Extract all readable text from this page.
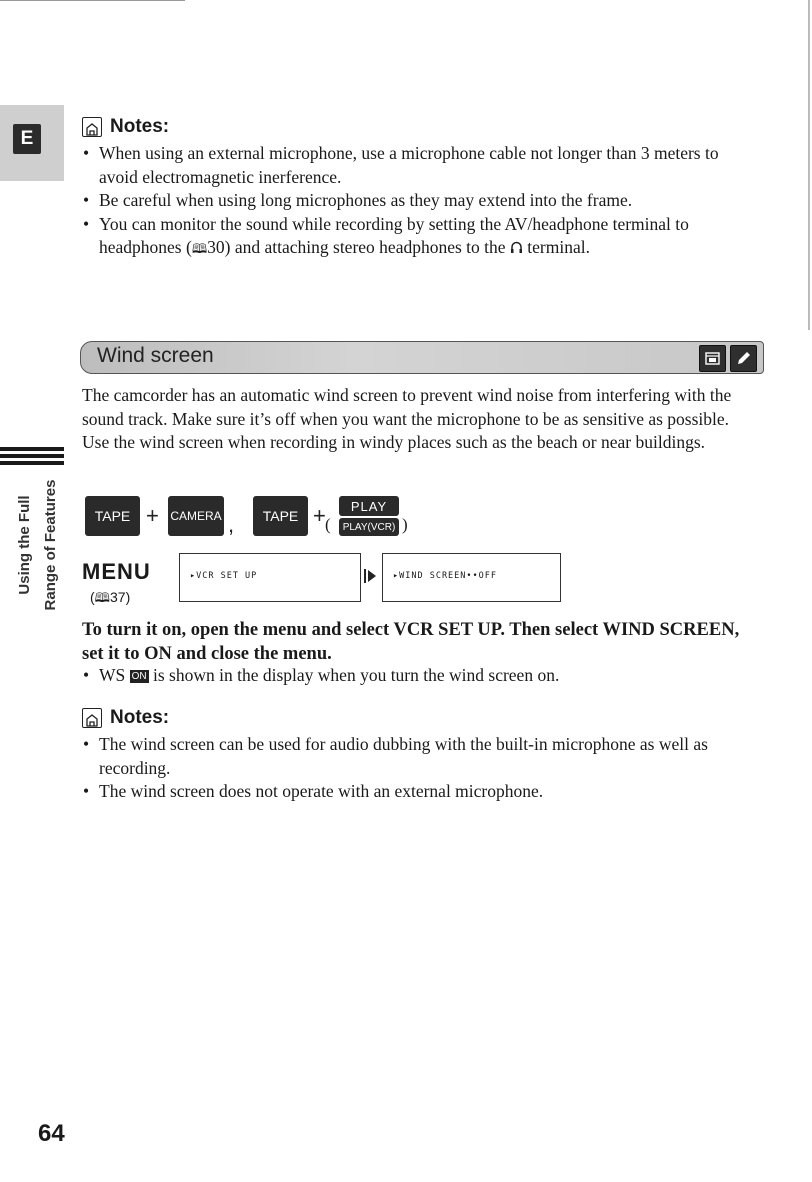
E
Notes:
• When using an external microphone, use a microphone cable not longer than 3 meters to avoid electromagnetic inerference.
• Be careful when using long microphones as they may extend into the frame.
• You can monitor the sound while recording by setting the AV/headphone terminal to headphones (🕮30) and attaching stereo headphones to the  terminal.
Wind screen
The camcorder has an automatic wind screen to prevent wind noise from interfering with the sound track. Make sure it’s off when you want the microphone to be as sensitive as possible. Use the wind screen when recording in windy places such as the beach or near buildings.
Using the Full Range of Features	TAPE + CAMERA ,	TAPE + (
PLAY
PLAY(VCR) )
MENU
(🕮37)
▸VCR SET UP	▸WIND SCREEN••OFF
To turn it on, open the menu and select VCR SET UP. Then select WIND SCREEN, set it to ON and close the menu.
• WS ON is shown in the display when you turn the wind screen on.
Notes:
• The wind screen can be used for audio dubbing with the built-in microphone as well as recording.
• The wind screen does not operate with an external microphone.
64
